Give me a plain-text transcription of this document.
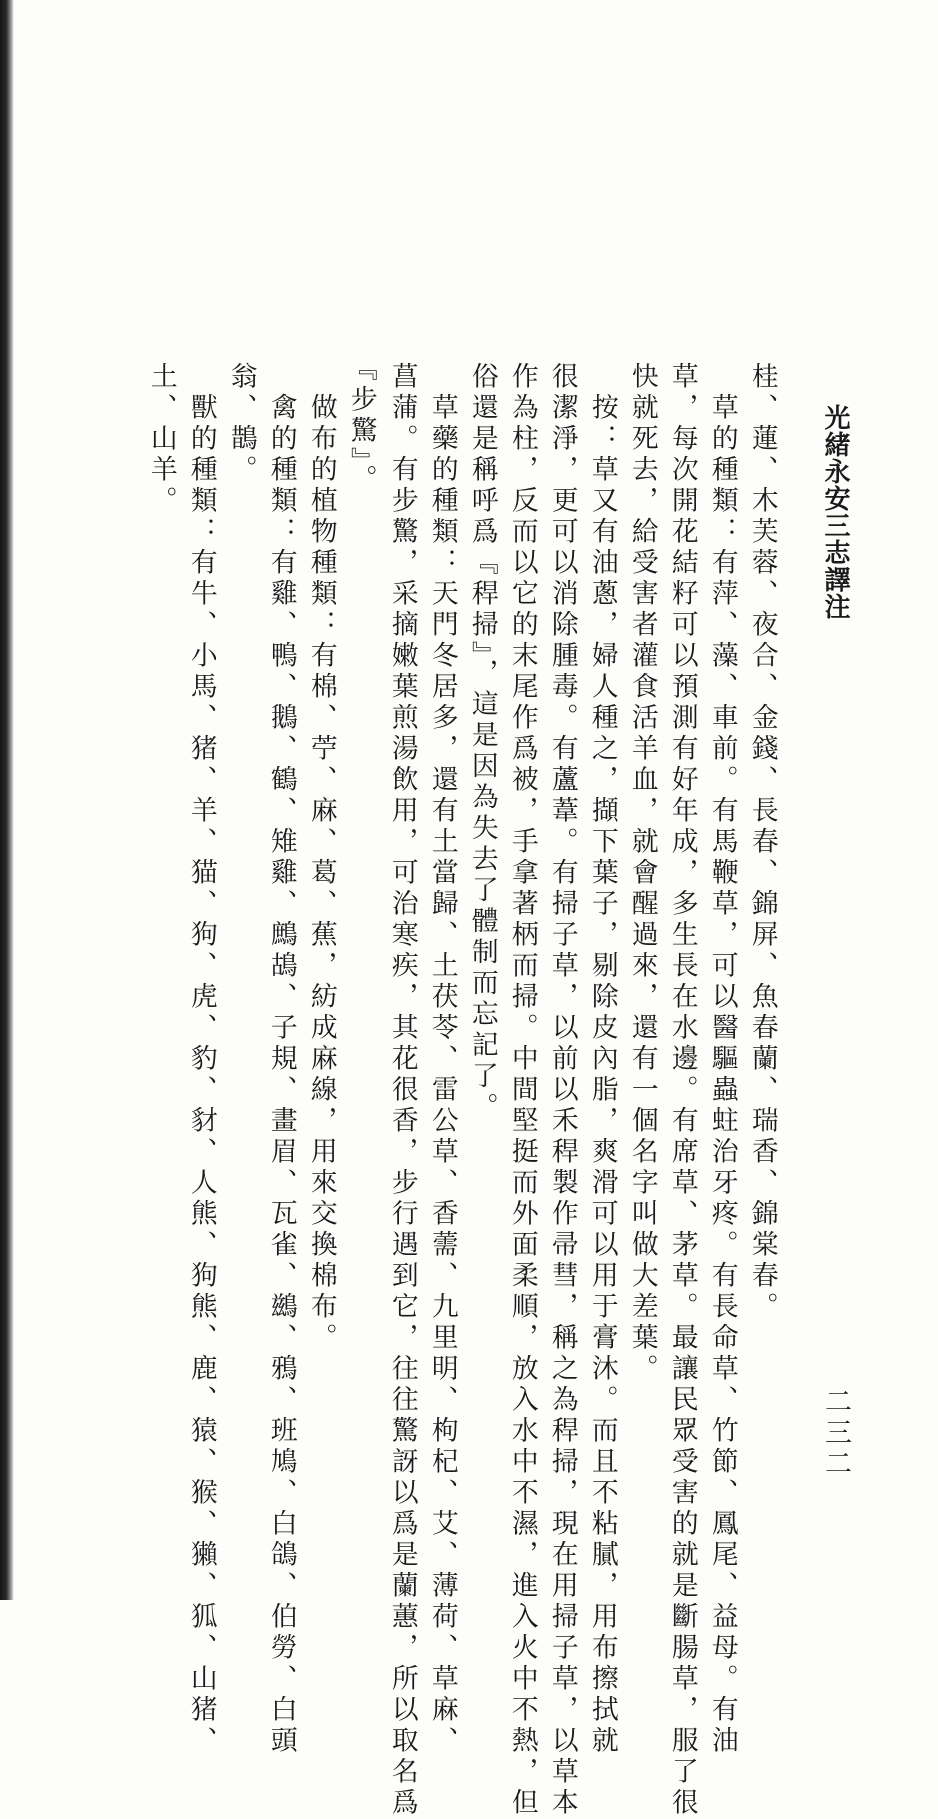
光緒永安三志譯注
二三二
桂、蓮、木芙蓉、夜合、金錢、長春、錦屏、魚春蘭、瑞香、錦棠春。
　草的種類：有萍、藻、車前。有馬鞭草，可以醫驅蟲蛀治牙疼。有長命草、竹節、鳳尾、益母。有油
草，每次開花結籽可以預測有好年成，多生長在水邊。有席草、茅草。最讓民眾受害的就是斷腸草，服了很
快就死去，給受害者灌食活羊血，就會醒過來，還有一個名字叫做大差葉。
　按：草又有油蔥，婦人種之，擷下葉子，剔除皮內脂，爽滑可以用于膏沐。而且不粘膩，用布擦拭就
很潔淨，更可以消除腫毒。有蘆葦。有掃子草，以前以禾稈製作帚彗，稱之為稈掃，現在用掃子草，以草本
作為柱，反而以它的末尾作爲被，手拿著柄而掃。中間堅挺而外面柔順，放入水中不濕，進入火中不熱，但
俗還是稱呼爲『稈掃』，這是因為失去了體制而忘記了。
　草藥的種類：天門冬居多，還有土當歸、土茯苓、雷公草、香薷、九里明、枸杞、艾、薄荷、草麻、
菖蒲。有步驚，采摘嫩葉煎湯飲用，可治寒疾，其花很香，步行遇到它，往往驚訝以爲是蘭蕙，所以取名爲
『步驚』。
　做布的植物種類：有棉、苧、麻、葛、蕉，紡成麻線，用來交換棉布。
　禽的種類：有雞、鴨、鵝、鶴、雉雞、鷓鴣、子規、畫眉、瓦雀、鷀、鴉、班鳩、白鴿、伯勞、白頭
翁、鵲。
　獸的種類：有牛、小馬、猪、羊、猫、狗、虎、豹、豺、人熊、狗熊、鹿、猿、猴、獺、狐、山猪、
土、山羊。
